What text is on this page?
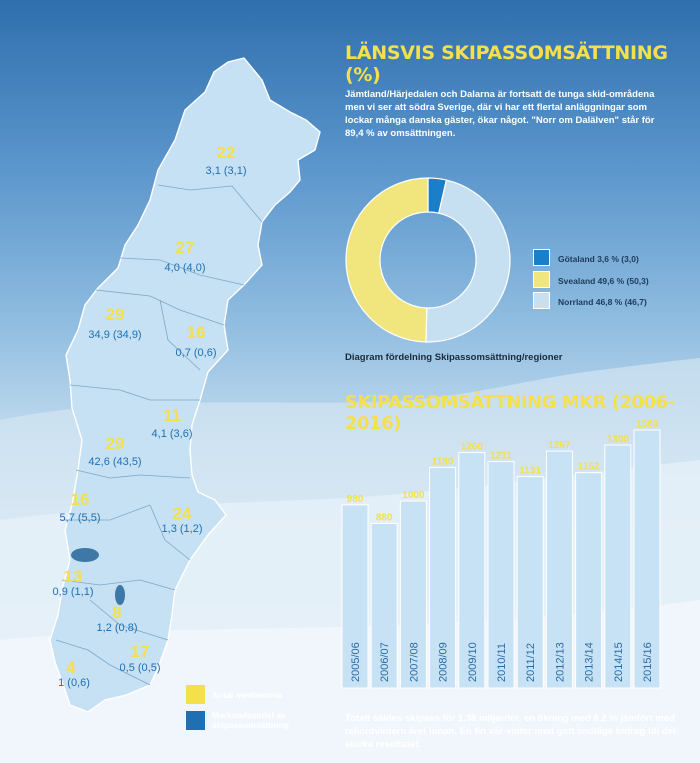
22
3,1 (3,1)
27
4,0 (4,0)
29
34,9 (34,9)	16
0,7 (0,6)
11
4,1 (3,6)
29
42,6 (43,5)
16
5,7 (5,5)	24
1,3 (1,2)
13
0,9 (1,1)
8
1,2 (0,8)
17
0,5 (0,5)
4
1 (0,6)
Antal medlemmar
Marknadsandel av skipassomsättning
LÄNSVIS SKIPASSOMSÄTTNING (%)
Jämtland/Härjedalen och Dalarna är fortsatt de tunga skid-områdena men vi ser att södra Sverige, där vi har ett flertal anläggningar som lockar många danska gäster, ökar något. "Norr om Dalälven" står för 89,4 % av omsättningen.
Götaland 3,6 % (3,0)
Svealand 49,6 % (50,3)
Norrland 46,8 % (46,7)
Diagram fördelning Skipassomsättning/regioner
SKIPASSOMSÄTTNING MKR (2006-2016)
980
2005/06
880
2006/07
1000
2007/08
1180
2008/09
1260
2009/10
1211
2010/11
1131
2011/12
1267
2012/13
1152
2013/14
1300
2014/15
1380
2015/16
Totalt såldes skipass för 1,38 miljarder, en ökning med 6,2 % jämfört med rekordvintern året innan. En fin vår-vinter med gott snöläge bidrog till det starka resultatet.
